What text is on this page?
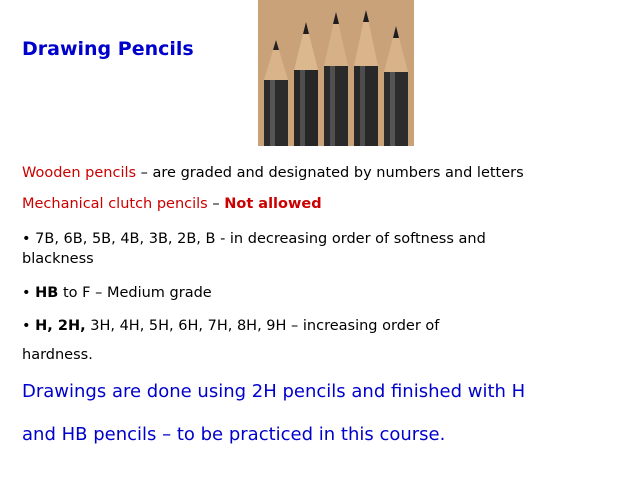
Drawing Pencils
Wooden pencils – are graded and designated by numbers and letters
Mechanical clutch pencils – Not allowed
• 7B, 6B, 5B, 4B, 3B, 2B, B - in decreasing order of softness and
blackness
• HB to F – Medium grade
• H, 2H, 3H, 4H, 5H, 6H, 7H, 8H, 9H – increasing order of
hardness.
Drawings are done using 2H pencils and finished with H
and HB pencils – to be practiced in this course.
